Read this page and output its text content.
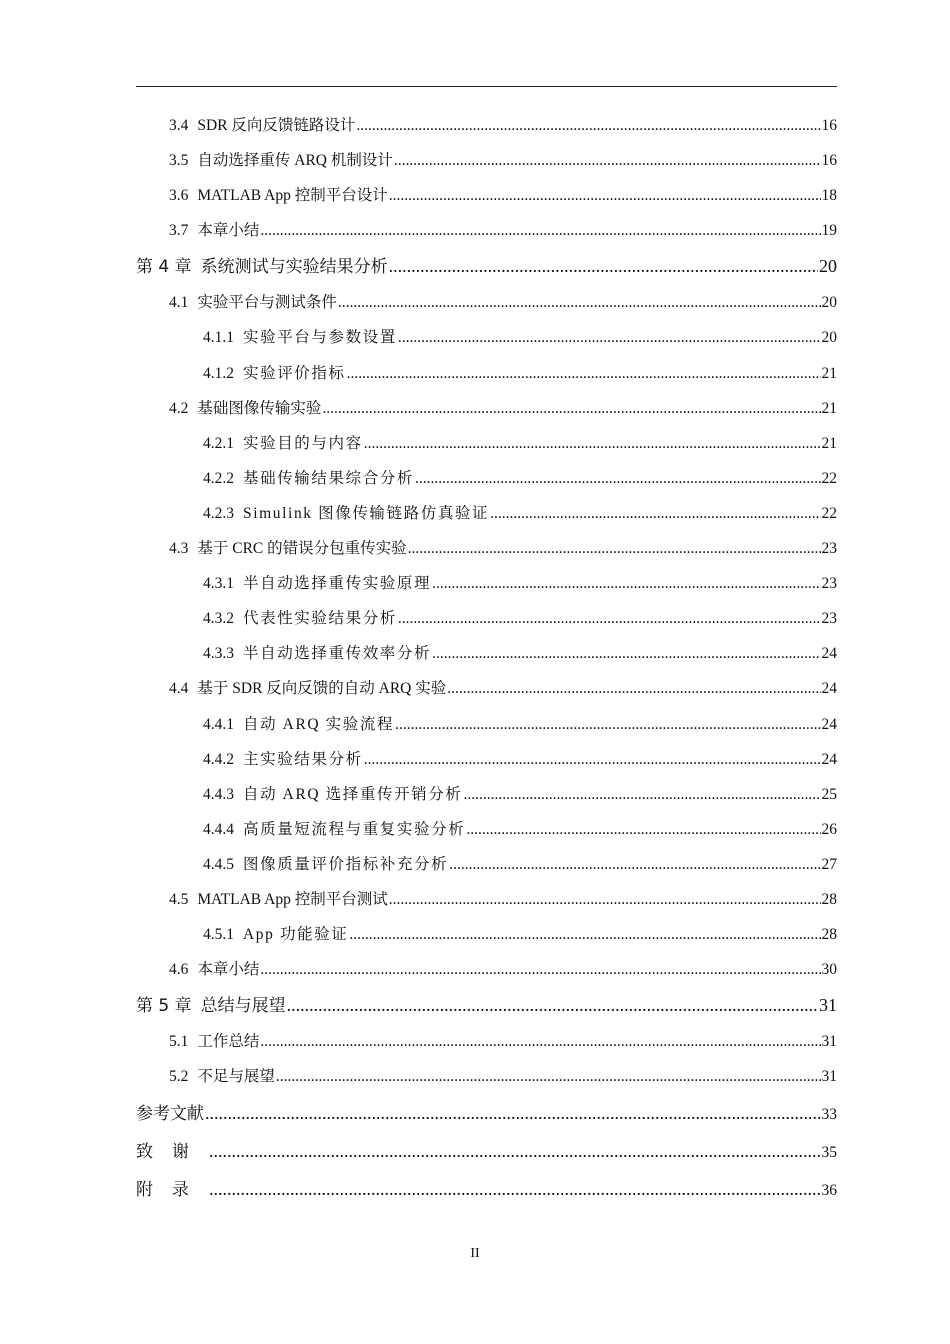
3.4 SDR 反向反馈链路设计 .....	16
3.5 自动选择重传 ARQ 机制设计 .....	16
3.6 MATLAB App 控制平台设计 .....	18
3.7 本章小结 .....	19
第 4 章 系统测试与实验结果分析 .....	20
4.1 实验平台与测试条件 .....	20
4.1.1 实验平台与参数设置 .....	20
4.1.2 实验评价指标 .....	21
4.2 基础图像传输实验 .....	21
4.2.1 实验目的与内容 .....	21
4.2.2 基础传输结果综合分析 .....	22
4.2.3 Simulink 图像传输链路仿真验证 .....	22
4.3 基于 CRC 的错误分包重传实验 .....	23
4.3.1 半自动选择重传实验原理 .....	23
4.3.2 代表性实验结果分析 .....	23
4.3.3 半自动选择重传效率分析 .....	24
4.4 基于 SDR 反向反馈的自动 ARQ 实验 .....	24
4.4.1 自动 ARQ 实验流程 .....	24
4.4.2 主实验结果分析 .....	24
4.4.3 自动 ARQ 选择重传开销分析 .....	25
4.4.4 高质量短流程与重复实验分析 .....	26
4.4.5 图像质量评价指标补充分析 .....	27
4.5 MATLAB App 控制平台测试 .....	28
4.5.1 App 功能验证 .....	28
4.6 本章小结 .....	30
第 5 章 总结与展望 .....	31
5.1 工作总结 .....	31
5.2 不足与展望 .....	31
参考文献 .....	33
致谢 .....	35
附录 .....	36
II
